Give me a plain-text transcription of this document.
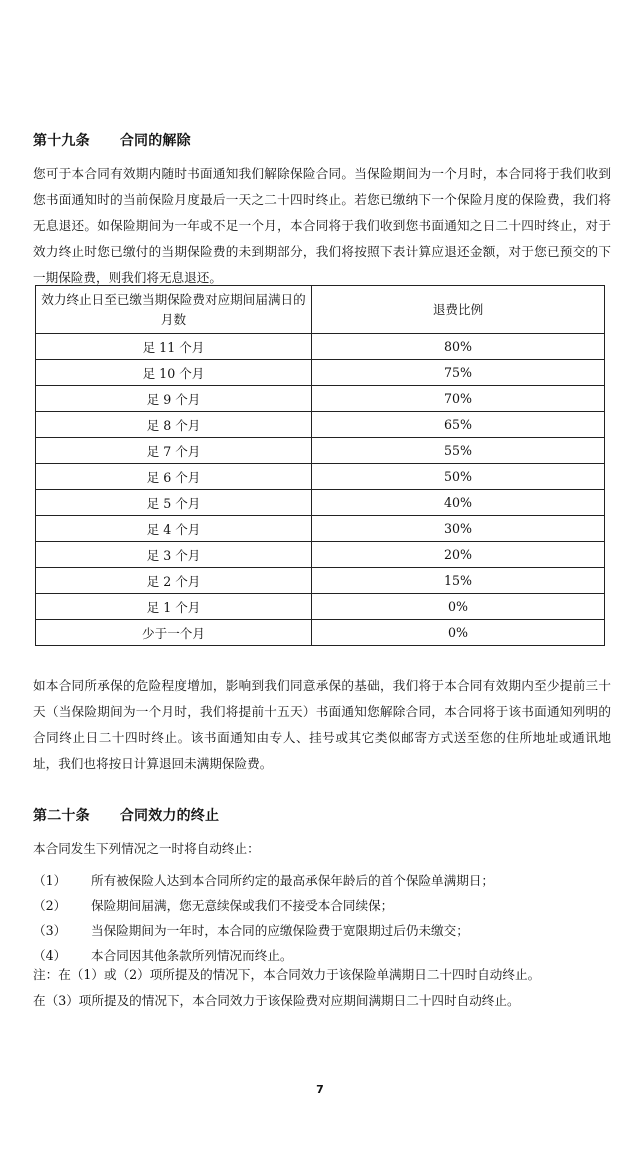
第十九条 合同的解除
您可于本合同有效期内随时书面通知我们解除保险合同。当保险期间为一个月时，本合同将于我们收到您书面通知时的当前保险月度最后一天之二十四时终止。若您已缴纳下一个保险月度的保险费，我们将无息退还。如保险期间为一年或不足一个月，本合同将于我们收到您书面通知之日二十四时终止，对于效力终止时您已缴付的当期保险费的未到期部分，我们将按照下表计算应退还金额，对于您已预交的下一期保险费，则我们将无息退还。
效力终止日至已缴当期保险费对应期间届满日的月数	退费比例
足 11 个月	80%
足 10 个月	75%
足 9 个月	70%
足 8 个月	65%
足 7 个月	55%
足 6 个月	50%
足 5 个月	40%
足 4 个月	30%
足 3 个月	20%
足 2 个月	15%
足 1 个月	0%
少于一个月	0%
如本合同所承保的危险程度增加，影响到我们同意承保的基础，我们将于本合同有效期内至少提前三十天（当保险期间为一个月时，我们将提前十五天）书面通知您解除合同，本合同将于该书面通知列明的合同终止日二十四时终止。该书面通知由专人、挂号或其它类似邮寄方式送至您的住所地址或通讯地址，我们也将按日计算退回未满期保险费。
第二十条 合同效力的终止
本合同发生下列情况之一时将自动终止：
（1） 所有被保险人达到本合同所约定的最高承保年龄后的首个保险单满期日；
（2） 保险期间届满，您无意续保或我们不接受本合同续保；
（3） 当保险期间为一年时，本合同的应缴保险费于宽限期过后仍未缴交；
（4） 本合同因其他条款所列情况而终止。
注：在（1）或（2）项所提及的情况下，本合同效力于该保险单满期日二十四时自动终止。
在（3）项所提及的情况下，本合同效力于该保险费对应期间满期日二十四时自动终止。
7
